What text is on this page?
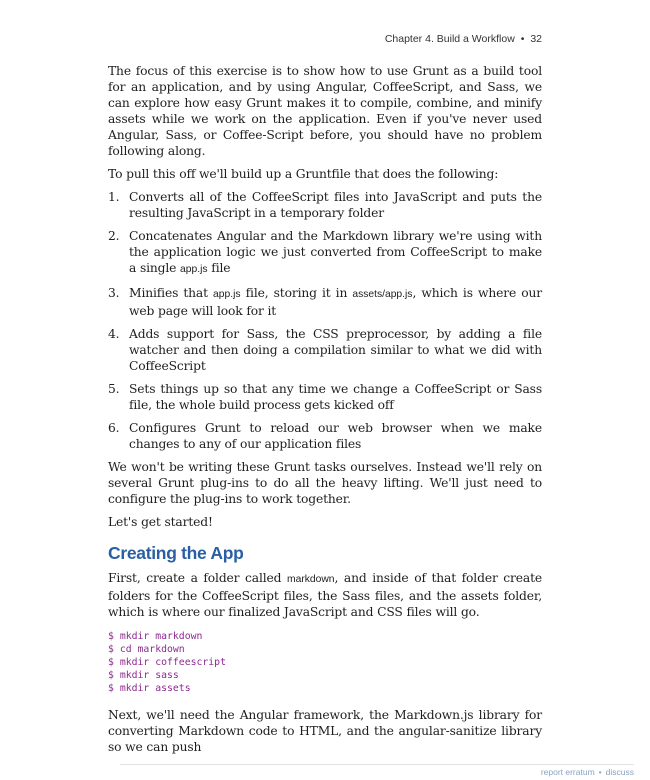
Chapter 4. Build a Workflow • 32

The focus of this exercise is to show how to use Grunt as a build tool for an application, and by using Angular, CoffeeScript, and Sass, we can explore how easy Grunt makes it to compile, combine, and minify assets while we work on the application. Even if you've never used Angular, Sass, or Coffee-Script before, you should have no problem following along.

To pull this off we'll build up a Gruntfile that does the following:

1. Converts all of the CoffeeScript files into JavaScript and puts the resulting JavaScript in a temporary folder
2. Concatenates Angular and the Markdown library we're using with the application logic we just converted from CoffeeScript to make a single app.js file
3. Minifies that app.js file, storing it in assets/app.js, which is where our web page will look for it
4. Adds support for Sass, the CSS preprocessor, by adding a file watcher and then doing a compilation similar to what we did with CoffeeScript
5. Sets things up so that any time we change a CoffeeScript or Sass file, the whole build process gets kicked off
6. Configures Grunt to reload our web browser when we make changes to any of our application files

We won't be writing these Grunt tasks ourselves. Instead we'll rely on several Grunt plug-ins to do all the heavy lifting. We'll just need to configure the plug-ins to work together.

Let's get started!

Creating the App

First, create a folder called markdown, and inside of that folder create folders for the CoffeeScript files, the Sass files, and the assets folder, which is where our finalized JavaScript and CSS files will go.

$ mkdir markdown
$ cd markdown
$ mkdir coffeescript
$ mkdir sass
$ mkdir assets

Next, we'll need the Angular framework, the Markdown.js library for converting Markdown code to HTML, and the angular-sanitize library so we can push

report erratum • discuss
